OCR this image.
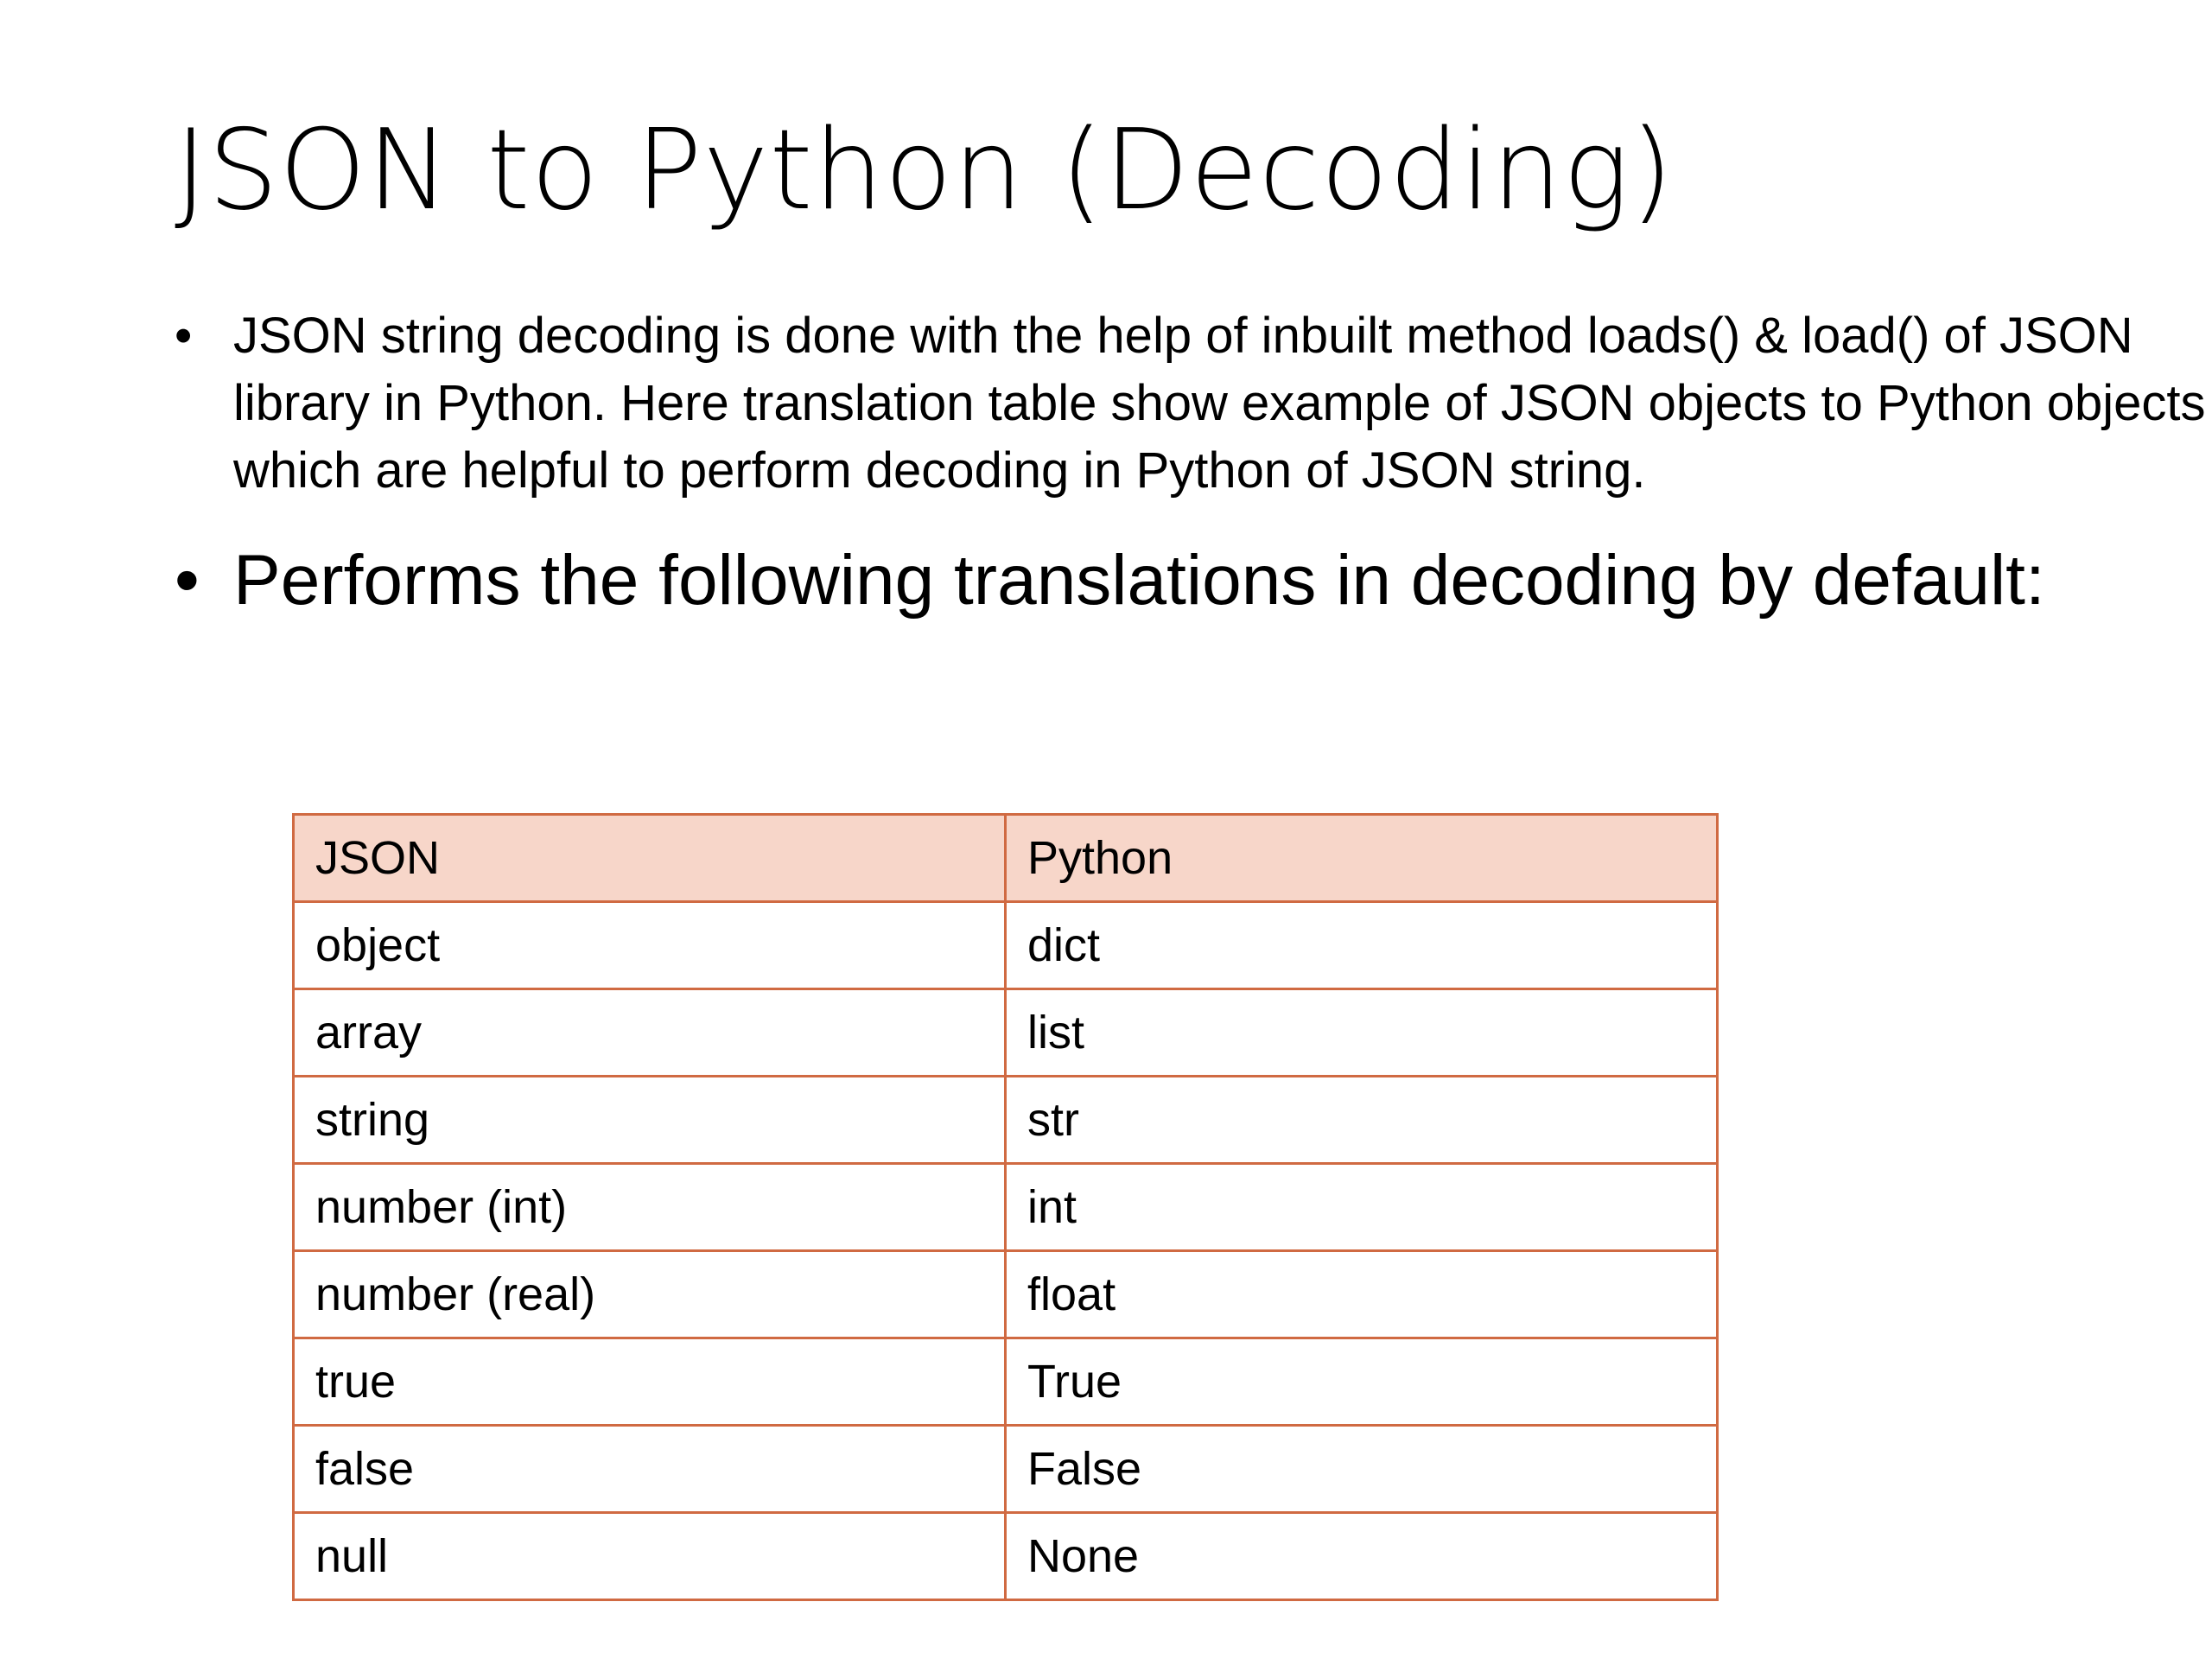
JSON to Python (Decoding)
• JSON string decoding is done with the help of inbuilt method loads() & load() of JSON library in Python. Here translation table show example of JSON objects to Python objects which are helpful to perform decoding in Python of JSON string.
• Performs the following translations in decoding by default:
JSON	Python
object	dict
array	list
string	str
number (int)	int
number (real)	float
true	True
false	False
null	None
